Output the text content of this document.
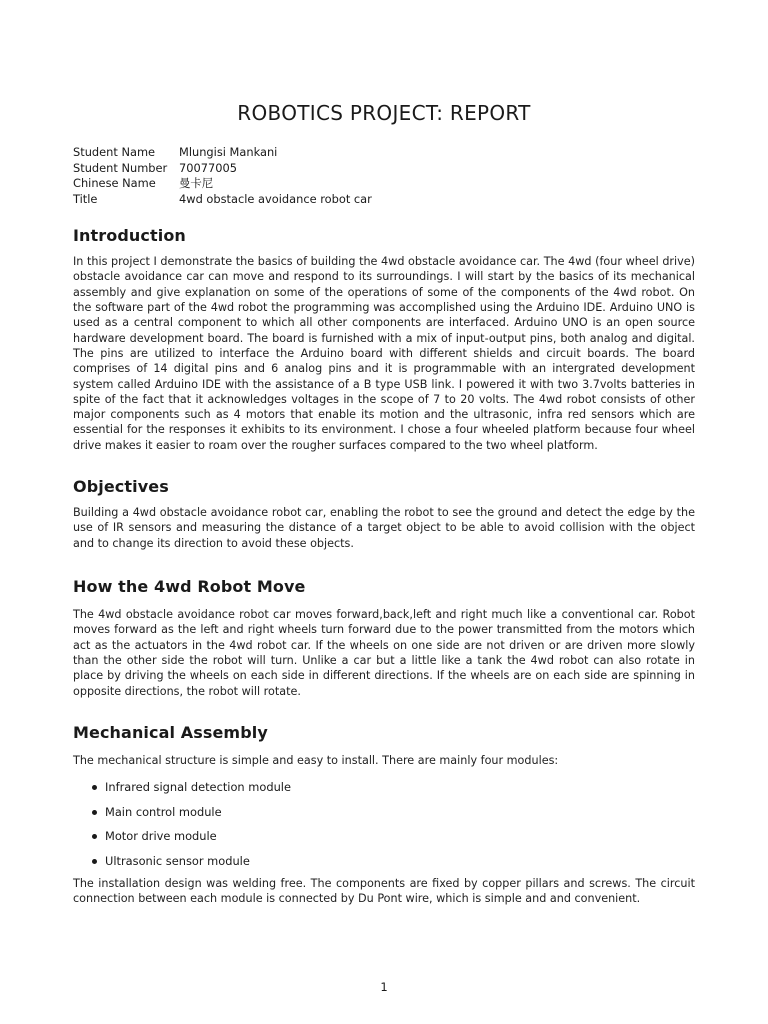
ROBOTICS PROJECT: REPORT
Student Name	Mlungisi Mankani
Student Number	70077005
Chinese Name	曼卡尼
Title	4wd obstacle avoidance robot car
Introduction

In this project I demonstrate the basics of building the 4wd obstacle avoidance car. The 4wd (four wheel drive) obstacle avoidance car can move and respond to its surroundings. I will start by the basics of its mechanical assembly and give explanation on some of the operations of some of the components of the 4wd robot. On the software part of the 4wd robot the programming was accomplished using the Arduino IDE. Arduino UNO is used as a central component to which all other components are interfaced. Arduino UNO is an open source hardware development board. The board is furnished with a mix of input-output pins, both analog and digital. The pins are utilized to interface the Arduino board with different shields and circuit boards. The board comprises of 14 digital pins and 6 analog pins and it is programmable with an intergrated development system called Arduino IDE with the assistance of a B type USB link. I powered it with two 3.7volts batteries in spite of the fact that it acknowledges voltages in the scope of 7 to 20 volts. The 4wd robot consists of other major components such as 4 motors that enable its motion and the ultrasonic, infra red sensors which are essential for the responses it exhibits to its environment. I chose a four wheeled platform because four wheel drive makes it easier to roam over the rougher surfaces compared to the two wheel platform.

Objectives

Building a 4wd obstacle avoidance robot car, enabling the robot to see the ground and detect the edge by the use of IR sensors and measuring the distance of a target object to be able to avoid collision with the object and to change its direction to avoid these objects.

How the 4wd Robot Move

The 4wd obstacle avoidance robot car moves forward,back,left and right much like a conventional car. Robot moves forward as the left and right wheels turn forward due to the power transmitted from the motors which act as the actuators in the 4wd robot car. If the wheels on one side are not driven or are driven more slowly than the other side the robot will turn. Unlike a car but a little like a tank the 4wd robot can also rotate in place by driving the wheels on each side in different directions. If the wheels are on each side are spinning in opposite directions, the robot will rotate.

Mechanical Assembly

The mechanical structure is simple and easy to install. There are mainly four modules:

Infrared signal detection module
Main control module
Motor drive module
Ultrasonic sensor module

The installation design was welding free. The components are fixed by copper pillars and screws. The circuit connection between each module is connected by Du Pont wire, which is simple and and convenient.

1
